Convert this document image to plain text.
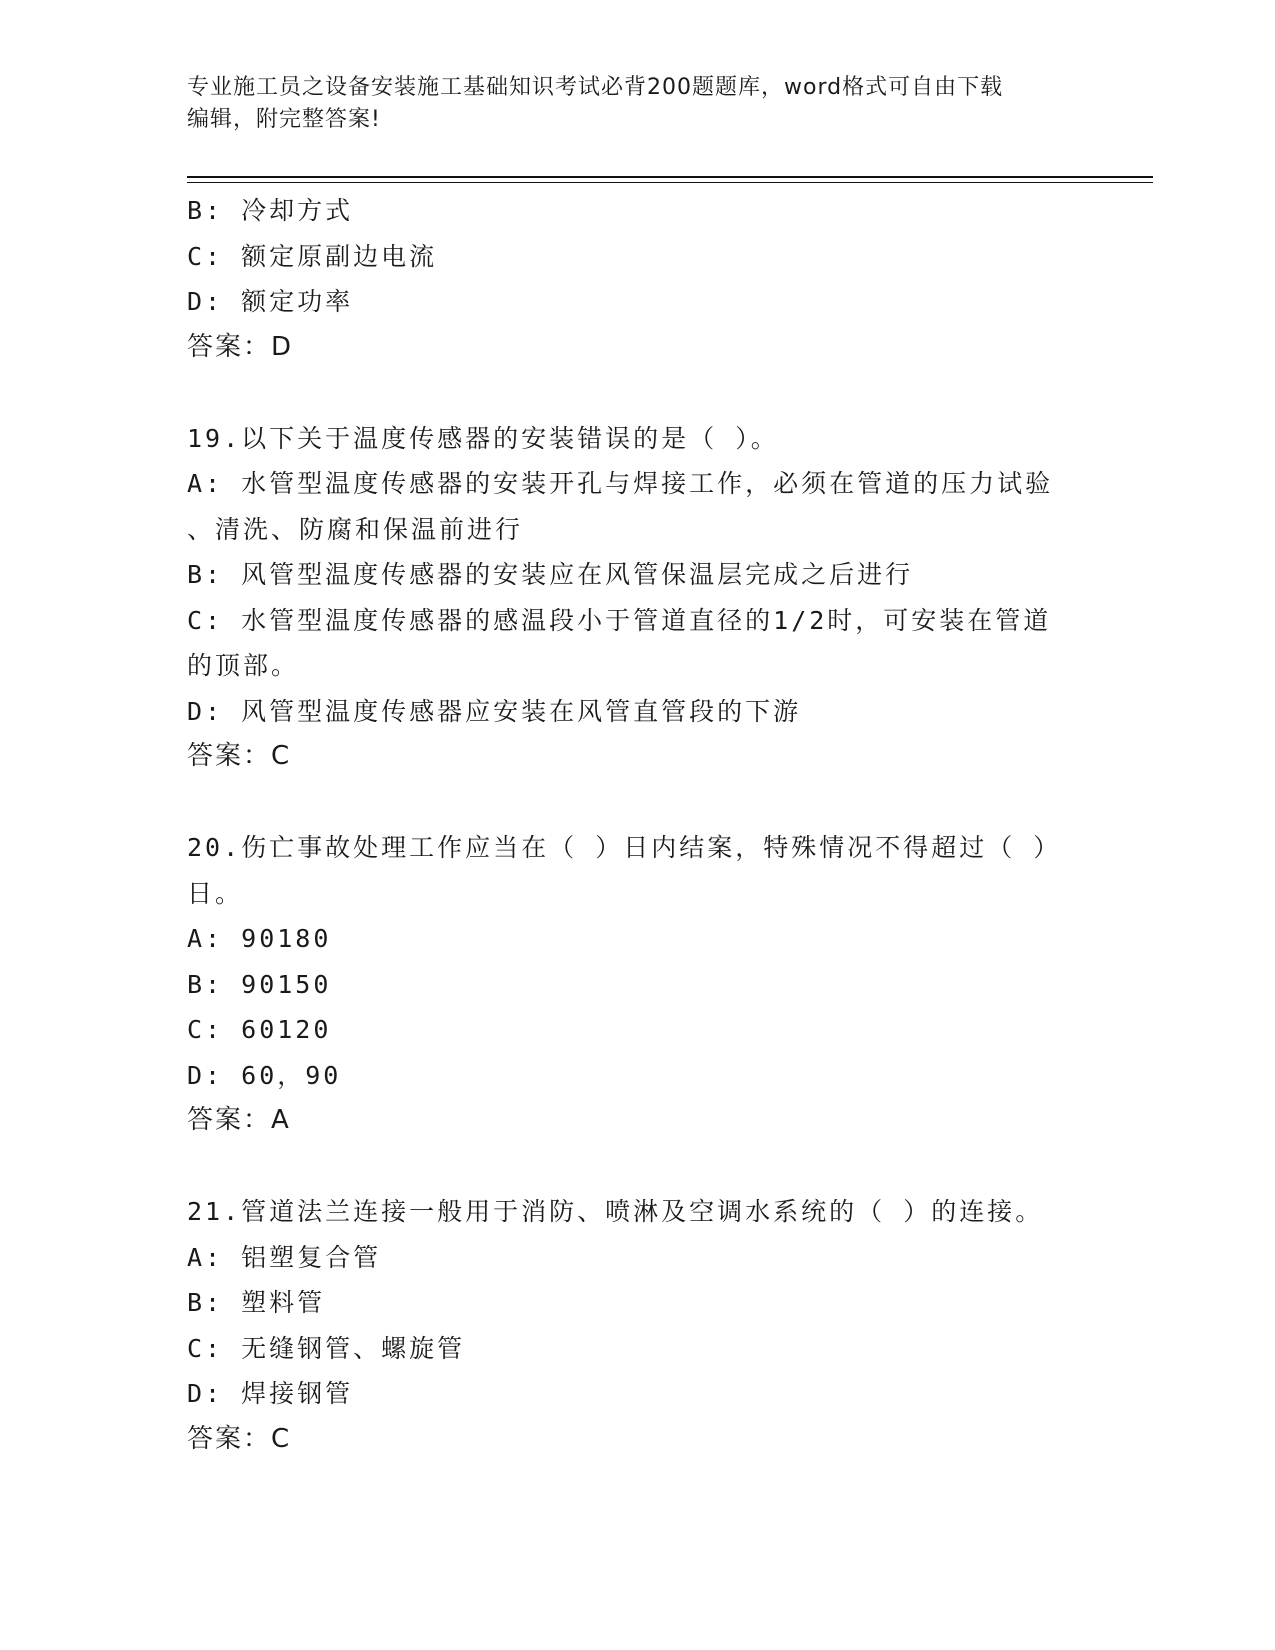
专业施工员之设备安装施工基础知识考试必背200题题库，word格式可自由下载
编辑，附完整答案!
B: 冷却方式
C: 额定原副边电流
D: 额定功率
答案：D
19.以下关于温度传感器的安装错误的是（ ）。
A: 水管型温度传感器的安装开孔与焊接工作，必须在管道的压力试验
、清洗、防腐和保温前进行
B: 风管型温度传感器的安装应在风管保温层完成之后进行
C: 水管型温度传感器的感温段小于管道直径的1/2时，可安装在管道
的顶部。
D: 风管型温度传感器应安装在风管直管段的下游
答案：C
20.伤亡事故处理工作应当在（ ）日内结案，特殊情况不得超过（ ）
日。
A: 90180
B: 90150
C: 60120
D: 60，90
答案：A
21.管道法兰连接一般用于消防、喷淋及空调水系统的（ ）的连接。
A: 铝塑复合管
B: 塑料管
C: 无缝钢管、螺旋管
D: 焊接钢管
答案：C
